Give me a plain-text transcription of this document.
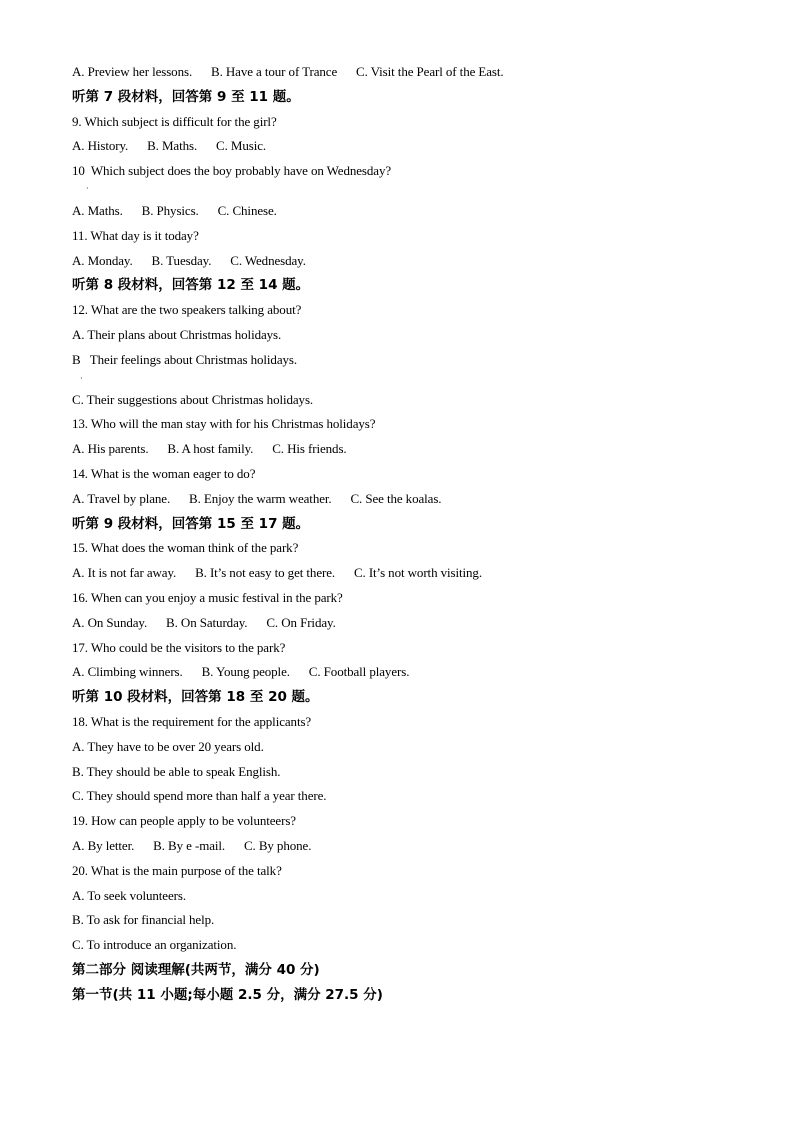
A. Preview her lessons.      B. Have a tour of Trance      C. Visit the Pearl of the East.
听第 7 段材料，回答第 9 至 11 题。
9. Which subject is difficult for the girl?
A. History.      B. Maths.      C. Music.
10  Which subject does the boy probably have on Wednesday?
A. Maths.      B. Physics.      C. Chinese.
11. What day is it today?
A. Monday.      B. Tuesday.      C. Wednesday.
听第 8 段材料，回答第 12 至 14 题。
12. What are the two speakers talking about?
A. Their plans about Christmas holidays.
B   Their feelings about Christmas holidays.
C. Their suggestions about Christmas holidays.
13. Who will the man stay with for his Christmas holidays?
A. His parents.      B. A host family.      C. His friends.
14. What is the woman eager to do?
A. Travel by plane.      B. Enjoy the warm weather.      C. See the koalas.
听第 9 段材料，回答第 15 至 17 题。
15. What does the woman think of the park?
A. It is not far away.      B. It’s not easy to get there.      C. It’s not worth visiting.
16. When can you enjoy a music festival in the park?
A. On Sunday.      B. On Saturday.      C. On Friday.
17. Who could be the visitors to the park?
A. Climbing winners.      B. Young people.      C. Football players.
听第 10 段材料，回答第 18 至 20 题。
18. What is the requirement for the applicants?
A. They have to be over 20 years old.
B. They should be able to speak English.
C. They should spend more than half a year there.
19. How can people apply to be volunteers?
A. By letter.      B. By e -mail.      C. By phone.
20. What is the main purpose of the talk?
A. To seek volunteers.
B. To ask for financial help.
C. To introduce an organization.
第二部分 阅读理解(共两节，满分 40 分)
第一节(共 11 小题;每小题 2.5 分，满分 27.5 分)
·
·
